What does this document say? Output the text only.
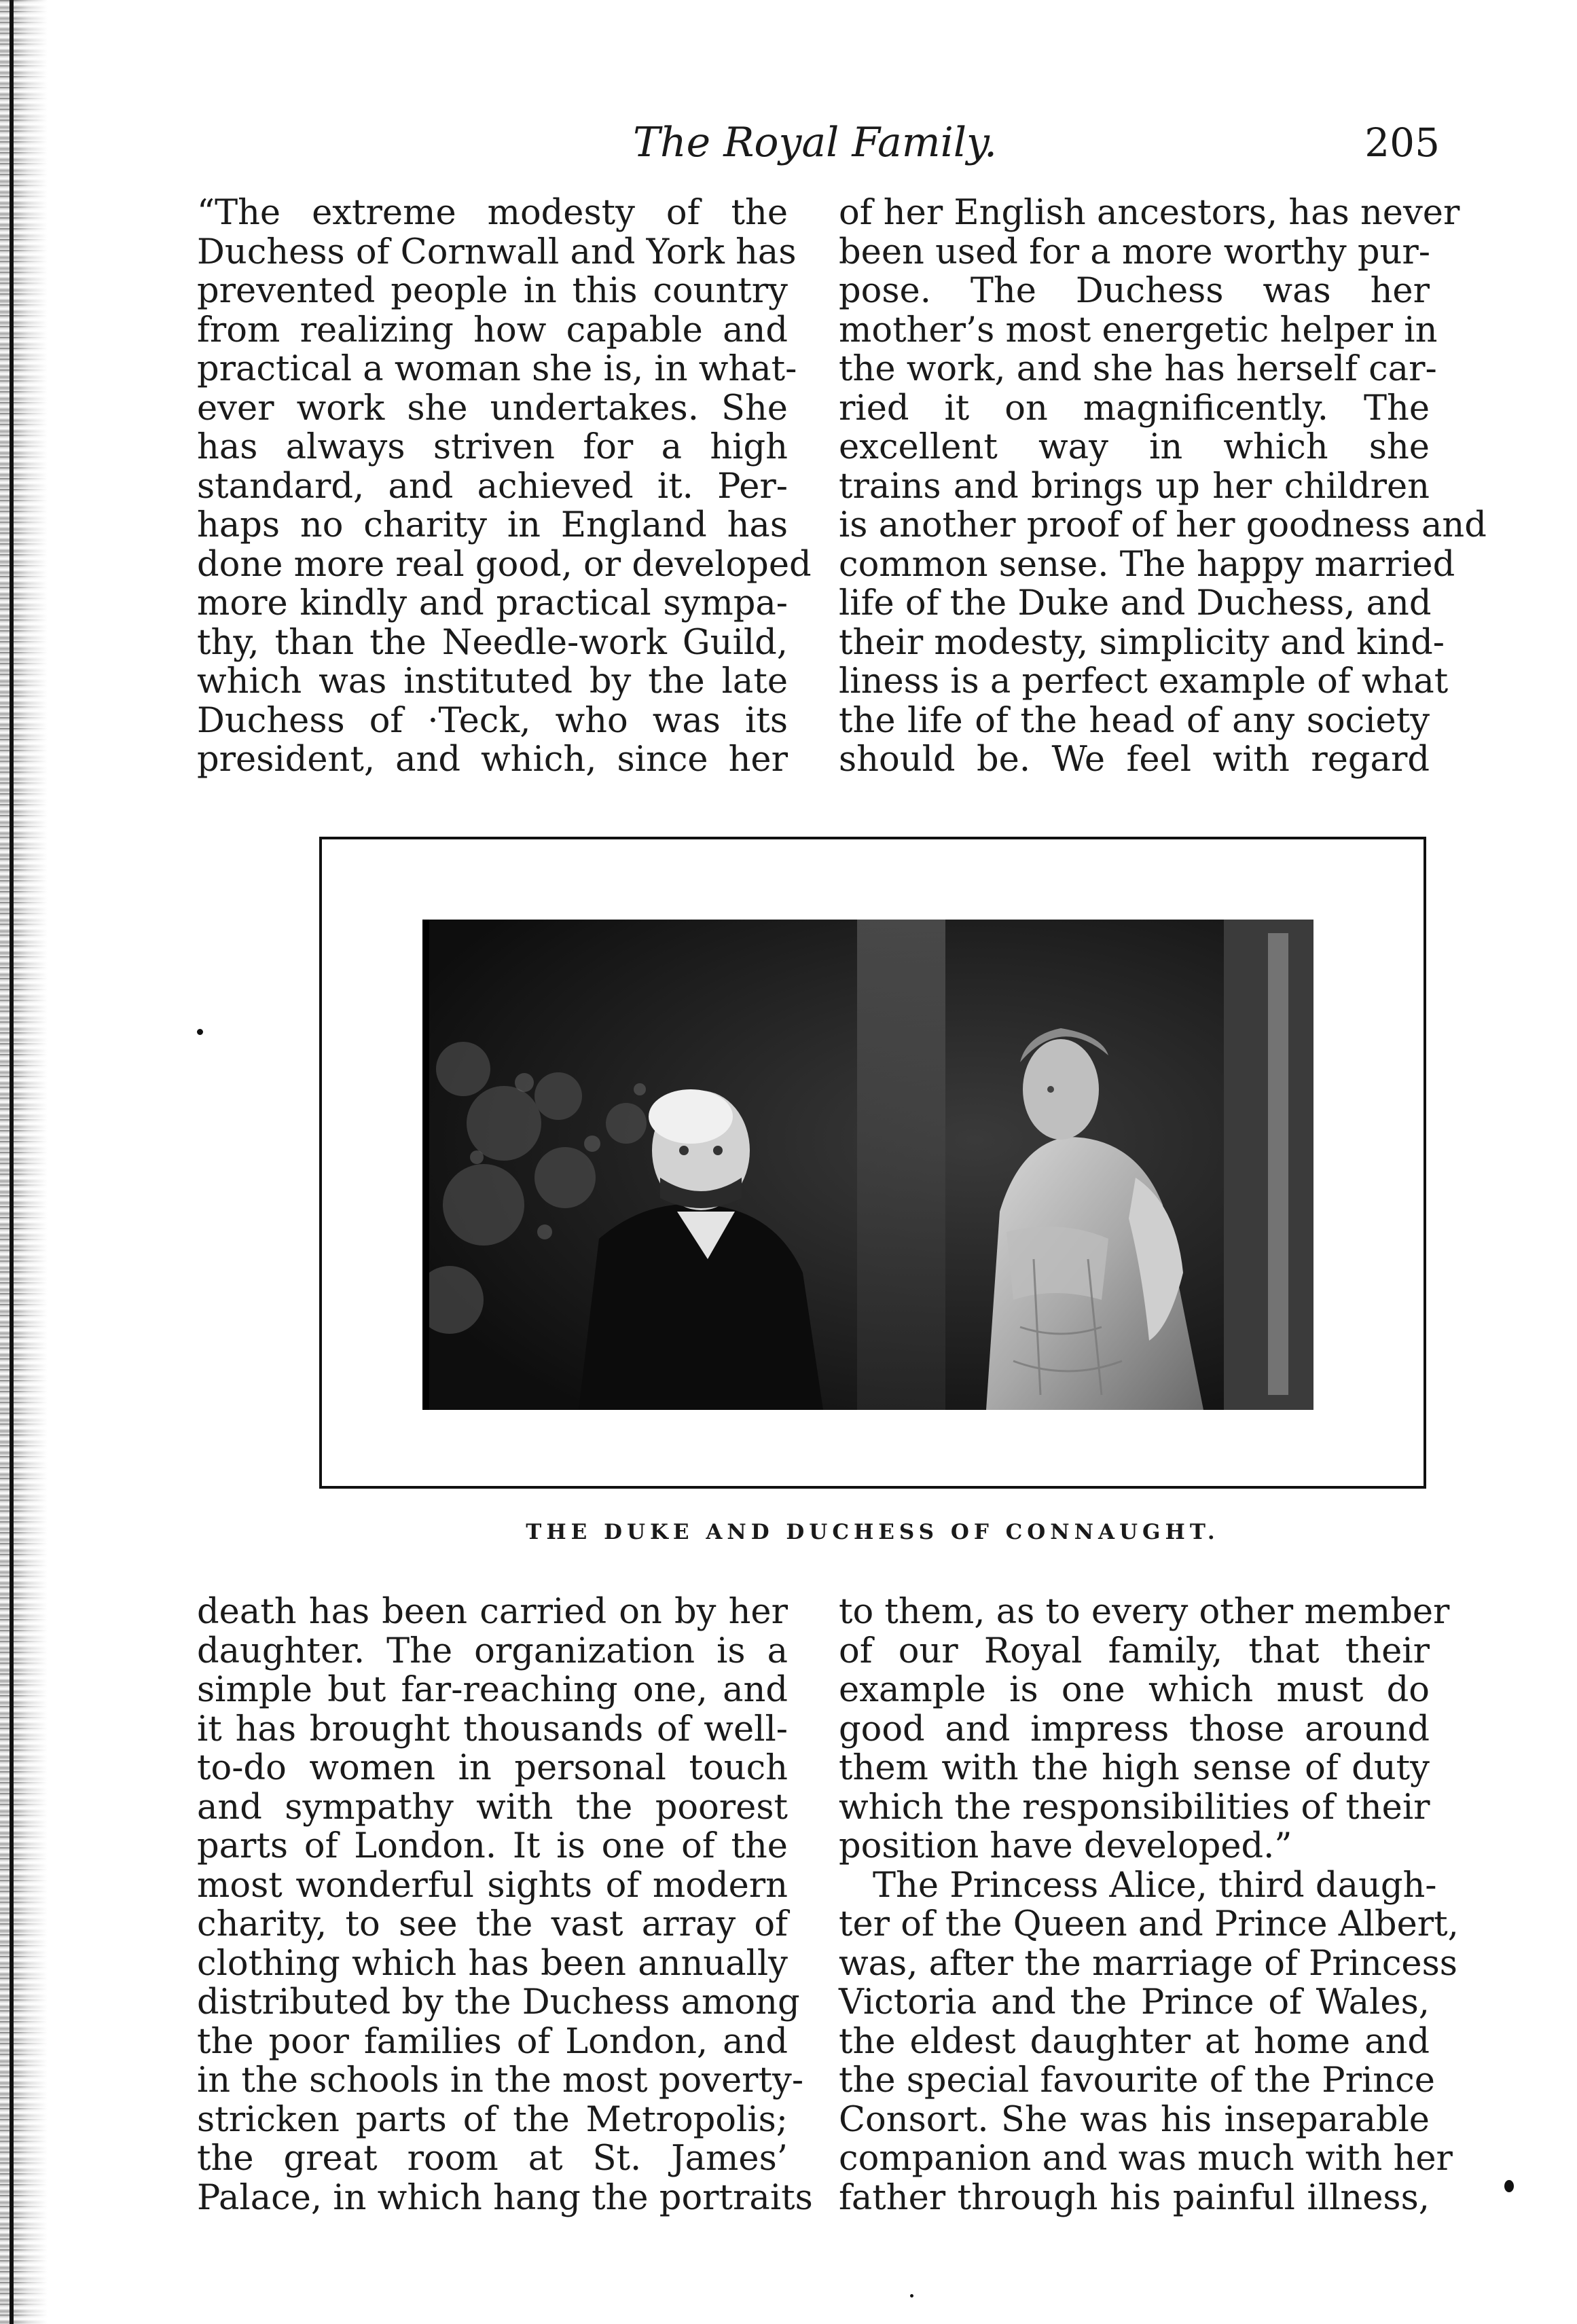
The Royal Family.	205
“The extreme modesty of the
Duchess of Cornwall and York has
prevented people in this country
from realizing how capable and
practical a woman she is, in what-
ever work she undertakes. She
has always striven for a high
standard, and achieved it. Per-
haps no charity in England has
done more real good, or developed
more kindly and practical sympa-
thy, than the Needle-work Guild,
which was instituted by the late
Duchess of ·Teck, who was its
president, and which, since her
of her English ancestors, has never
been used for a more worthy pur-
pose. The Duchess was her
mother’s most energetic helper in
the work, and she has herself car-
ried it on magnificently. The
excellent way in which she
trains and brings up her children
is another proof of her goodness and
common sense. The happy married
life of the Duke and Duchess, and
their modesty, simplicity and kind-
liness is a perfect example of what
the life of the head of any society
should be. We feel with regard
THE DUKE AND DUCHESS OF CONNAUGHT.
death has been carried on by her
daughter. The organization is a
simple but far-reaching one, and
it has brought thousands of well-
to-do women in personal touch
and sympathy with the poorest
parts of London. It is one of the
most wonderful sights of modern
charity, to see the vast array of
clothing which has been annually
distributed by the Duchess among
the poor families of London, and
in the schools in the most poverty-
stricken parts of the Metropolis;
the great room at St. James’
Palace, in which hang the portraits
to them, as to every other member
of our Royal family, that their
example is one which must do
good and impress those around
them with the high sense of duty
which the responsibilities of their
position have developed.”
The Princess Alice, third daugh-
ter of the Queen and Prince Albert,
was, after the marriage of Princess
Victoria and the Prince of Wales,
the eldest daughter at home and
the special favourite of the Prince
Consort. She was his inseparable
companion and was much with her
father through his painful illness,
